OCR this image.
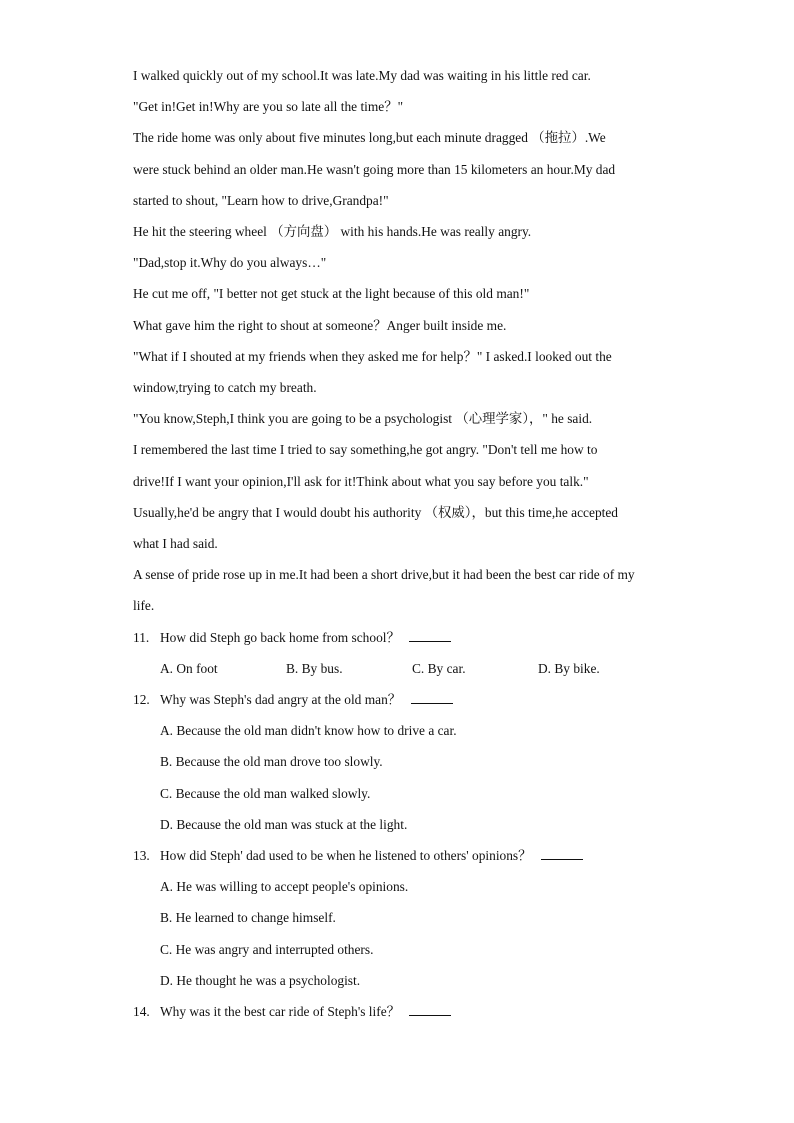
I walked quickly out of my school.It was late.My dad was waiting in his little red car.

"Get in!Get in!Why are you so late all the time？"

The ride home was only about five minutes long,but each minute dragged （拖拉）.We

were stuck behind an older man.He wasn't going more than 15 kilometers an hour.My dad

started to shout, "Learn how to drive,Grandpa!"

He hit the steering wheel （方向盘） with his hands.He was really angry.

"Dad,stop it.Why do you always…"

He cut me off, "I better not get stuck at the light because of this old man!"

What gave him the right to shout at someone？Anger built inside me.

"What if I shouted at my friends when they asked me for help？" I asked.I looked out the

window,trying to catch my breath.

"You know,Steph,I think you are going to be a psychologist （心理学家），" he said.

I remembered the last time I tried to say something,he got angry. "Don't tell me how to

drive!If I want your opinion,I'll ask for it!Think about what you say before you talk."

Usually,he'd be angry that I would doubt his authority （权威），but this time,he accepted

what I had said.

A sense of pride rose up in me.It had been a short drive,but it had been the best car ride of my

life.

11. How did Steph go back home from school？
A. On foot	B. By bus.	C. By car.	D. By bike.
12. Why was Steph's dad angry at the old man？
A. Because the old man didn't know how to drive a car.
B. Because the old man drove too slowly.
C. Because the old man walked slowly.
D. Because the old man was stuck at the light.
13. How did Steph' dad used to be when he listened to others' opinions？
A. He was willing to accept people's opinions.
B. He learned to change himself.
C. He was angry and interrupted others.
D. He thought he was a psychologist.
14. Why was it the best car ride of Steph's life？
